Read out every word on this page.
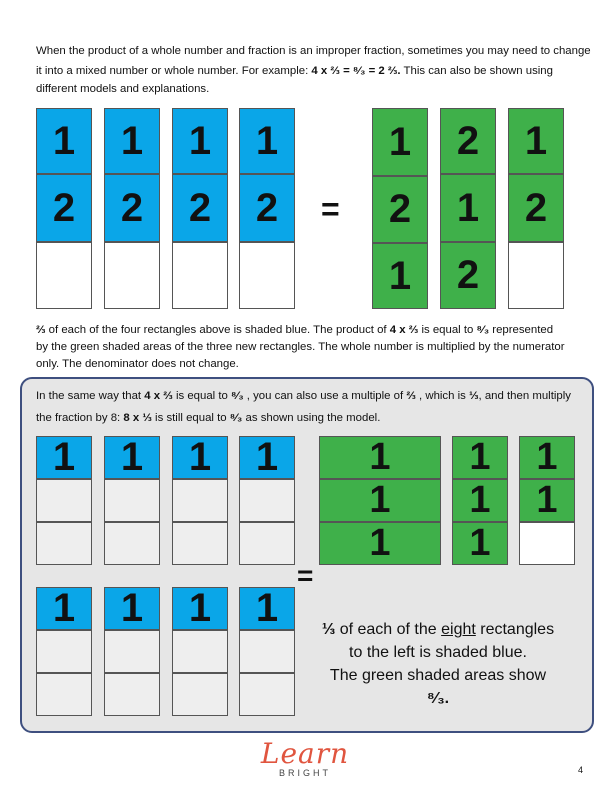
When the product of a whole number and fraction is an improper fraction, sometimes you may need to change
it into a mixed number or whole number. For example: 4 x ⅔ = ⁸⁄₃ = 2 ⅔. This can also be shown using
different models and explanations.
1
2
1
2
1
2
1
2	=
1
2
1
2
1
2
1
2
⅔ of each of the four rectangles above is shaded blue. The product of 4 x ⅔ is equal to ⁸⁄₃ represented
by the green shaded areas of the three new rectangles. The whole number is multiplied by the numerator
only. The denominator does not change.
In the same way that 4 x ⅔ is equal to ⁸⁄₃ , you can also use a multiple of ⅔ , which is ⅓, and then multiply
the fraction by 8: 8 x ⅓ is still equal to ⁸⁄₃ as shown using the model.
1	1	1	1
1	1	1	1
=
1
1
1
1
1
1
1
1
⅓ of each of the eight rectangles
to the left is shaded blue.
The green shaded areas show ⁸⁄₃.
Learn
BRIGHT	4
